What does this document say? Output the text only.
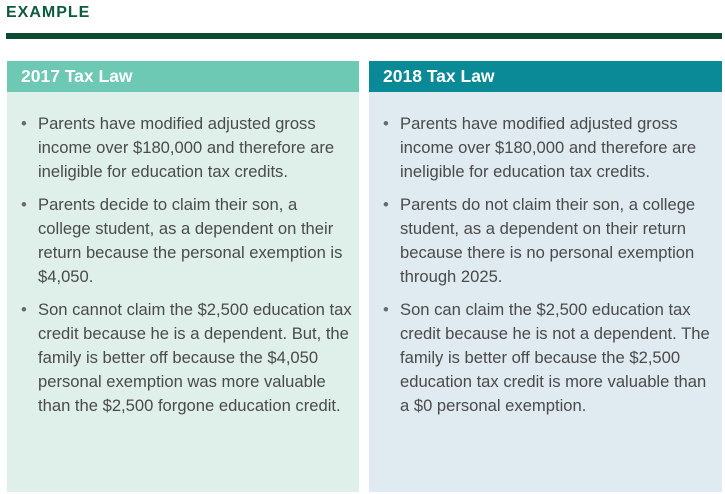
EXAMPLE
2017 Tax Law
• Parents have modified adjusted gross income over $180,000 and therefore are ineligible for education tax credits.
• Parents decide to claim their son, a college student, as a dependent on their return because the personal exemption is $4,050.
• Son cannot claim the $2,500 education tax credit because he is a dependent. But, the family is better off because the $4,050 personal exemption was more valuable than the $2,500 forgone education credit.
2018 Tax Law
• Parents have modified adjusted gross income over $180,000 and therefore are ineligible for education tax credits.
• Parents do not claim their son, a college student, as a dependent on their return because there is no personal exemption through 2025.
• Son can claim the $2,500 education tax credit because he is not a dependent. The family is better off because the $2,500 education tax credit is more valuable than a $0 personal exemption.
